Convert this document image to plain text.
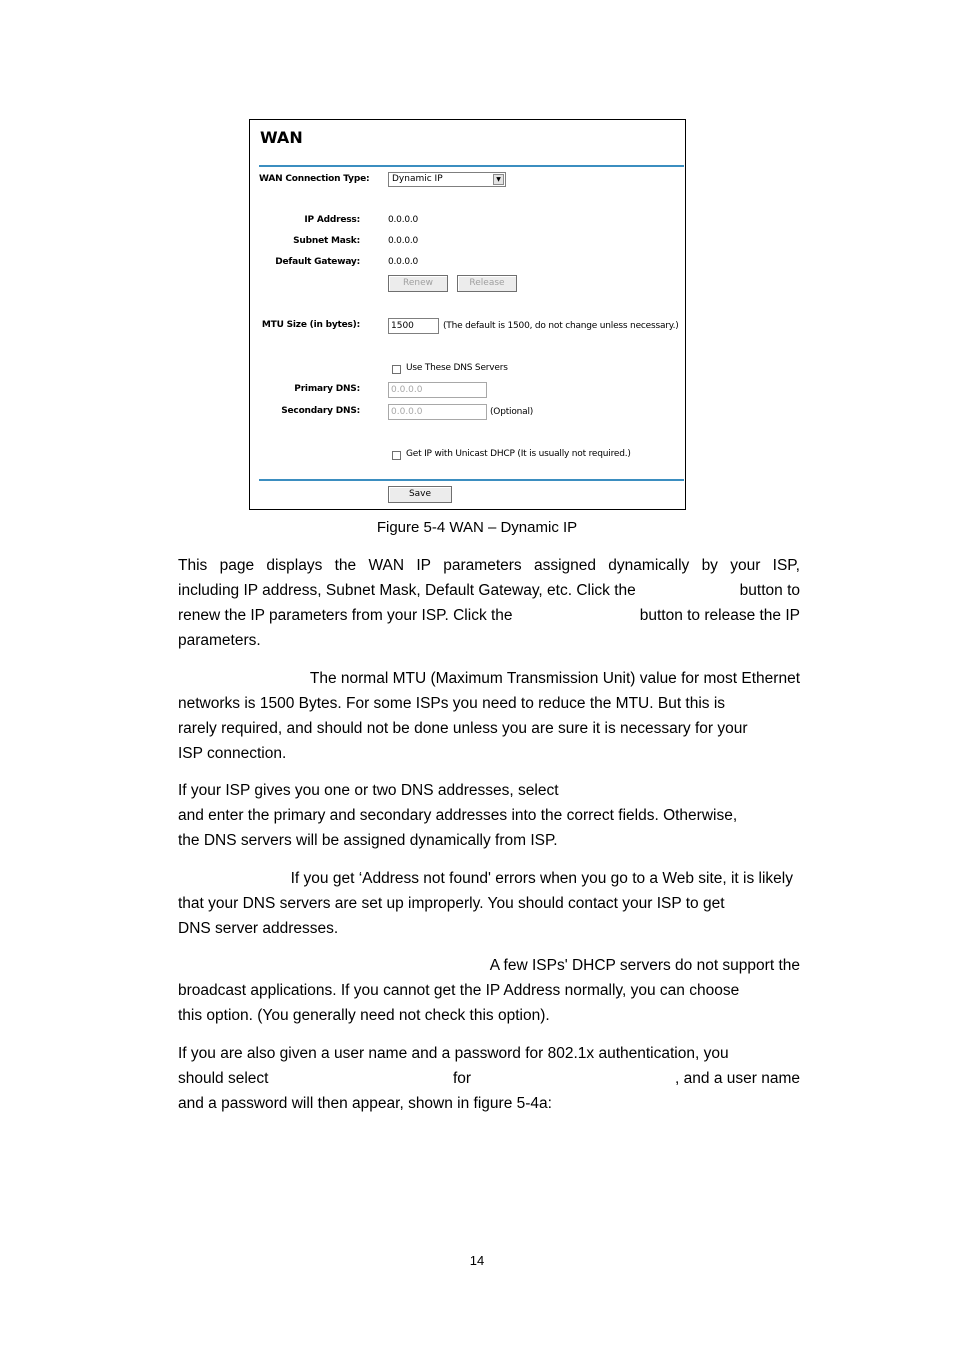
WAN
WAN Connection Type:	Dynamic IP	▼
IP Address:	0.0.0.0
Subnet Mask:	0.0.0.0
Default Gateway:	0.0.0.0
Renew	Release
MTU Size (in bytes):	1500	(The default is 1500, do not change unless necessary.)
Use These DNS Servers
Primary DNS:	0.0.0.0
Secondary DNS:	0.0.0.0	(Optional)
Get IP with Unicast DHCP (It is usually not required.)
Save
Figure 5-4 WAN – Dynamic IP
This page displays the WAN IP parameters assigned dynamically by your ISP,
including IP address, Subnet Mask, Default Gateway, etc. Click the	button to
renew the IP parameters from your ISP. Click the	button to release the IP
parameters.
The normal MTU (Maximum Transmission Unit) value for most Ethernet
networks is 1500 Bytes. For some ISPs you need to reduce the MTU. But this is
rarely required, and should not be done unless you are sure it is necessary for your
ISP connection.
If your ISP gives you one or two DNS addresses, select
and enter the primary and secondary addresses into the correct fields. Otherwise,
the DNS servers will be assigned dynamically from ISP.
If you get ‘Address not found' errors when you go to a Web site, it is likely
that your DNS servers are set up improperly. You should contact your ISP to get
DNS server addresses.
A few ISPs' DHCP servers do not support the
broadcast applications. If you cannot get the IP Address normally, you can choose
this option. (You generally need not check this option).
If you are also given a user name and a password for 802.1x authentication, you
should select	for	, and a user name
and a password will then appear, shown in figure 5-4a:
14
